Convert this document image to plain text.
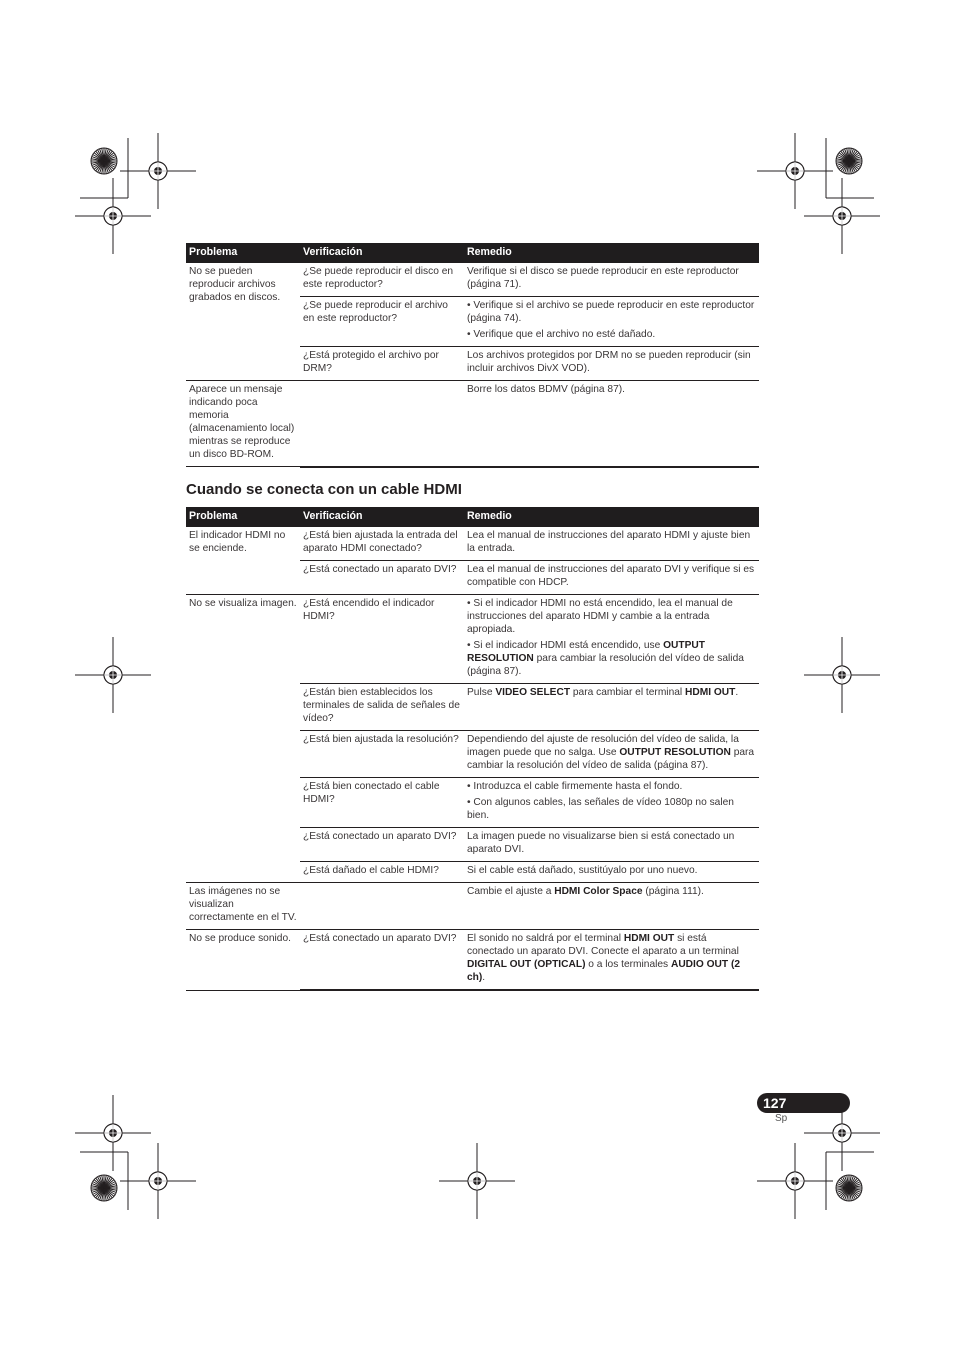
Problema	Verificación	Remedio
No se pueden reproducir archivos grabados en discos.	¿Se puede reproducir el disco en este reproductor?	Verifique si el disco se puede reproducir en este reproductor (página 71).

	¿Se puede reproducir el archivo en este reproductor?	• Verifique si el archivo se puede reproducir en este reproductor (página 74).

• Verifique que el archivo no esté dañado.

	¿Está protegido el archivo por DRM?	Los archivos protegidos por DRM no se pueden reproducir (sin incluir archivos DivX VOD).

Aparece un mensaje indicando poca memoria (almacenamiento local) mientras se reproduce un disco BD-ROM.		Borre los datos BDMV (página 87).

Cuando se conecta con un cable HDMI
Problema	Verificación	Remedio
El indicador HDMI no se enciende.	¿Está bien ajustada la entrada del aparato HDMI conectado?	Lea el manual de instrucciones del aparato HDMI y ajuste bien la entrada.

	¿Está conectado un aparato DVI?	Lea el manual de instrucciones del aparato DVI y verifique si es compatible con HDCP.

No se visualiza imagen.	¿Está encendido el indicador HDMI?	• Si el indicador HDMI no está encendido, lea el manual de instrucciones del aparato HDMI y cambie a la entrada apropiada.

• Si el indicador HDMI está encendido, use OUTPUT RESOLUTION para cambiar la resolución del vídeo de salida (página 87).

	¿Están bien establecidos los terminales de salida de señales de vídeo?	Pulse VIDEO SELECT para cambiar el terminal HDMI OUT.

	¿Está bien ajustada la resolución?	Dependiendo del ajuste de resolución del vídeo de salida, la imagen puede que no salga. Use OUTPUT RESOLUTION para cambiar la resolución del vídeo de salida (página 87).

	¿Está bien conectado el cable HDMI?	• Introduzca el cable firmemente hasta el fondo.

• Con algunos cables, las señales de vídeo 1080p no salen bien.

	¿Está conectado un aparato DVI?	La imagen puede no visualizarse bien si está conectado un aparato DVI.

	¿Está dañado el cable HDMI?	Si el cable está dañado, sustitúyalo por uno nuevo.

Las imágenes no se visualizan correctamente en el TV.		Cambie el ajuste a HDMI Color Space (página 111).

No se produce sonido.	¿Está conectado un aparato DVI?	El sonido no saldrá por el terminal HDMI OUT si está conectado un aparato DVI. Conecte el aparato a un terminal DIGITAL OUT (OPTICAL) o a los terminales AUDIO OUT (2 ch).

127
Sp
